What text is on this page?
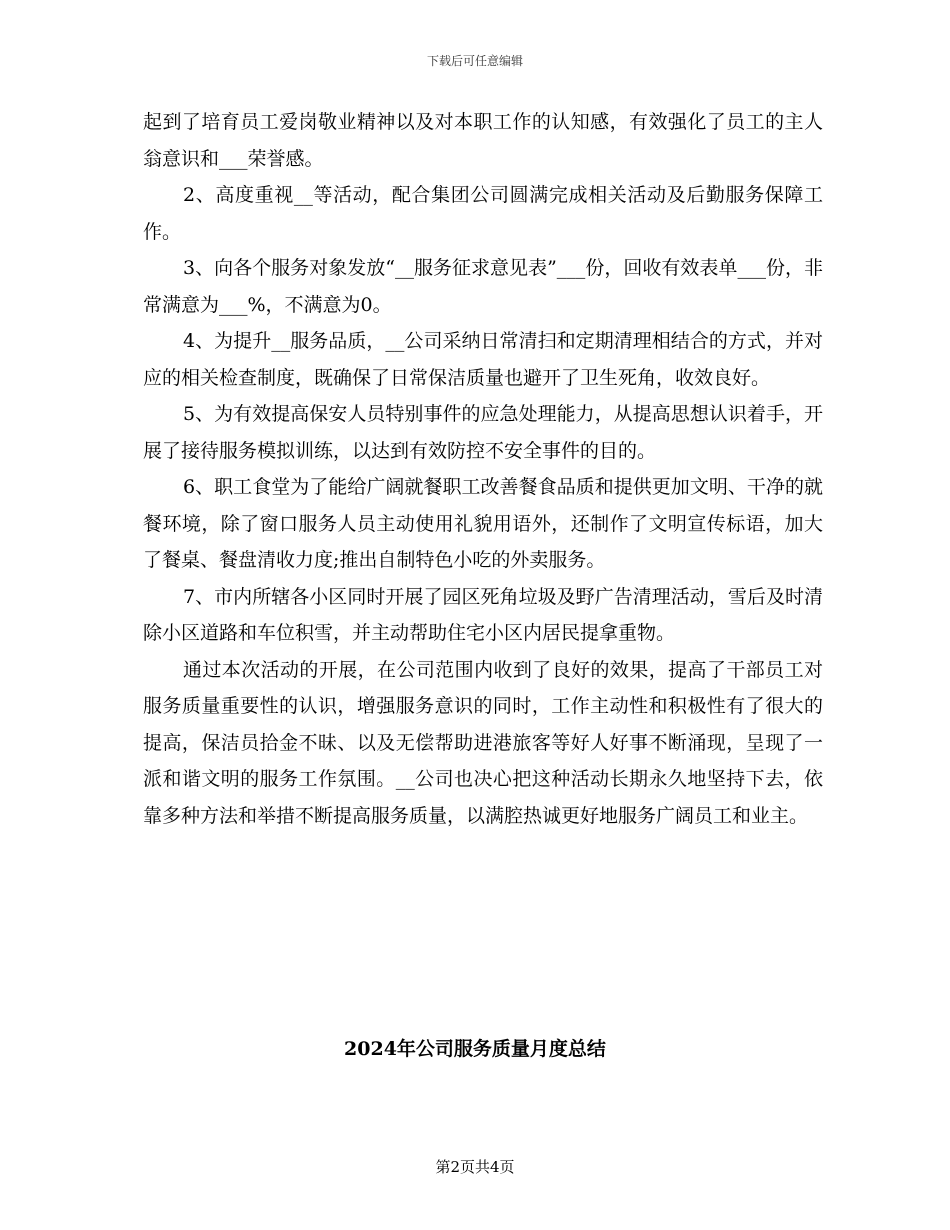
下载后可任意编辑

起到了培育员工爱岗敬业精神以及对本职工作的认知感，有效强化了员工的主人翁意识和___荣誉感。

2、高度重视__等活动，配合集团公司圆满完成相关活动及后勤服务保障工作。

3、向各个服务对象发放“__服务征求意见表”___份，回收有效表单___份，非常满意为___%，不满意为0。

4、为提升__服务品质，__公司采纳日常清扫和定期清理相结合的方式，并对应的相关检查制度，既确保了日常保洁质量也避开了卫生死角，收效良好。

5、为有效提高保安人员特别事件的应急处理能力，从提高思想认识着手，开展了接待服务模拟训练，以达到有效防控不安全事件的目的。

6、职工食堂为了能给广阔就餐职工改善餐食品质和提供更加文明、干净的就餐环境，除了窗口服务人员主动使用礼貌用语外，还制作了文明宣传标语，加大了餐桌、餐盘清收力度;推出自制特色小吃的外卖服务。

7、市内所辖各小区同时开展了园区死角垃圾及野广告清理活动，雪后及时清除小区道路和车位积雪，并主动帮助住宅小区内居民提拿重物。

通过本次活动的开展，在公司范围内收到了良好的效果，提高了干部员工对服务质量重要性的认识，增强服务意识的同时，工作主动性和积极性有了很大的提高，保洁员拾金不昧、以及无偿帮助进港旅客等好人好事不断涌现，呈现了一派和谐文明的服务工作氛围。__公司也决心把这种活动长期永久地坚持下去，依靠多种方法和举措不断提高服务质量，以满腔热诚更好地服务广阔员工和业主。

2024年公司服务质量月度总结
第2页共4页
